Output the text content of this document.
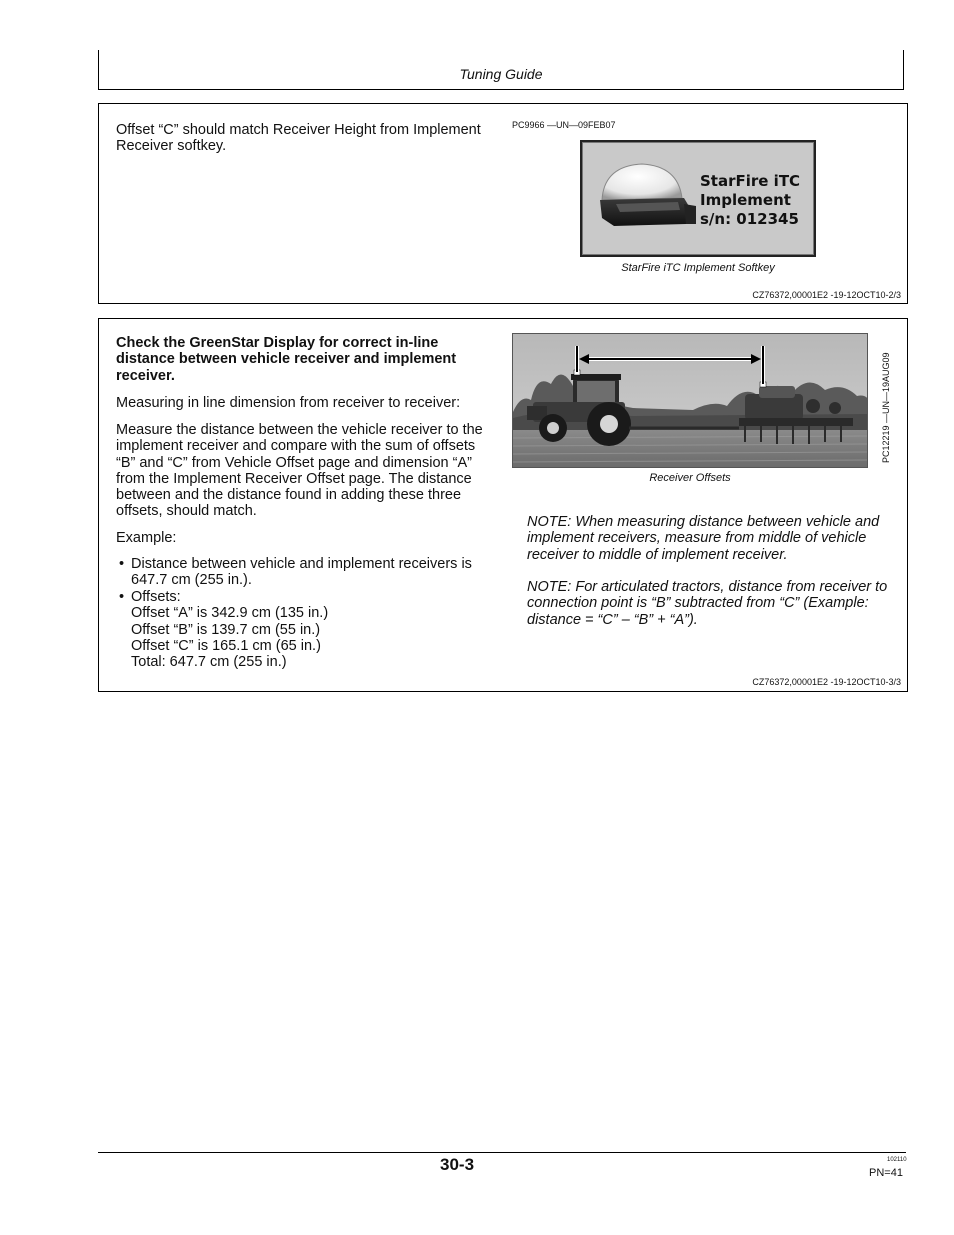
Tuning Guide

Offset “C” should match Receiver Height from Implement Receiver softkey.

PC9966 —UN—09FEB07
StarFire iTC
Implement
s/n: 012345
StarFire iTC Implement Softkey
CZ76372,00001E2 -19-12OCT10-2/3

Check the GreenStar Display for correct in-line distance between vehicle receiver and implement receiver.

Measuring in line dimension from receiver to receiver:

Measure the distance between the vehicle receiver to the implement receiver and compare with the sum of offsets “B” and “C” from Vehicle Offset page and dimension “A” from the Implement Receiver Offset page. The distance between and the distance found in adding these three offsets, should match.

Example:

• Distance between vehicle and implement receivers is 647.7 cm (255 in.).

• Offsets:
Offset “A” is 342.9 cm (135 in.)
Offset “B” is 139.7 cm (55 in.)
Offset “C” is 165.1 cm (65 in.)
Total: 647.7 cm (255 in.)
PC12219 —UN—19AUG09
Receiver Offsets
NOTE: When measuring distance between vehicle and implement receivers, measure from middle of vehicle receiver to middle of implement receiver.
NOTE: For articulated tractors, distance from receiver to connection point is “B” subtracted from “C” (Example: distance = “C” – “B” + “A”).
CZ76372,00001E2 -19-12OCT10-3/3
30-3	102110
PN=41
